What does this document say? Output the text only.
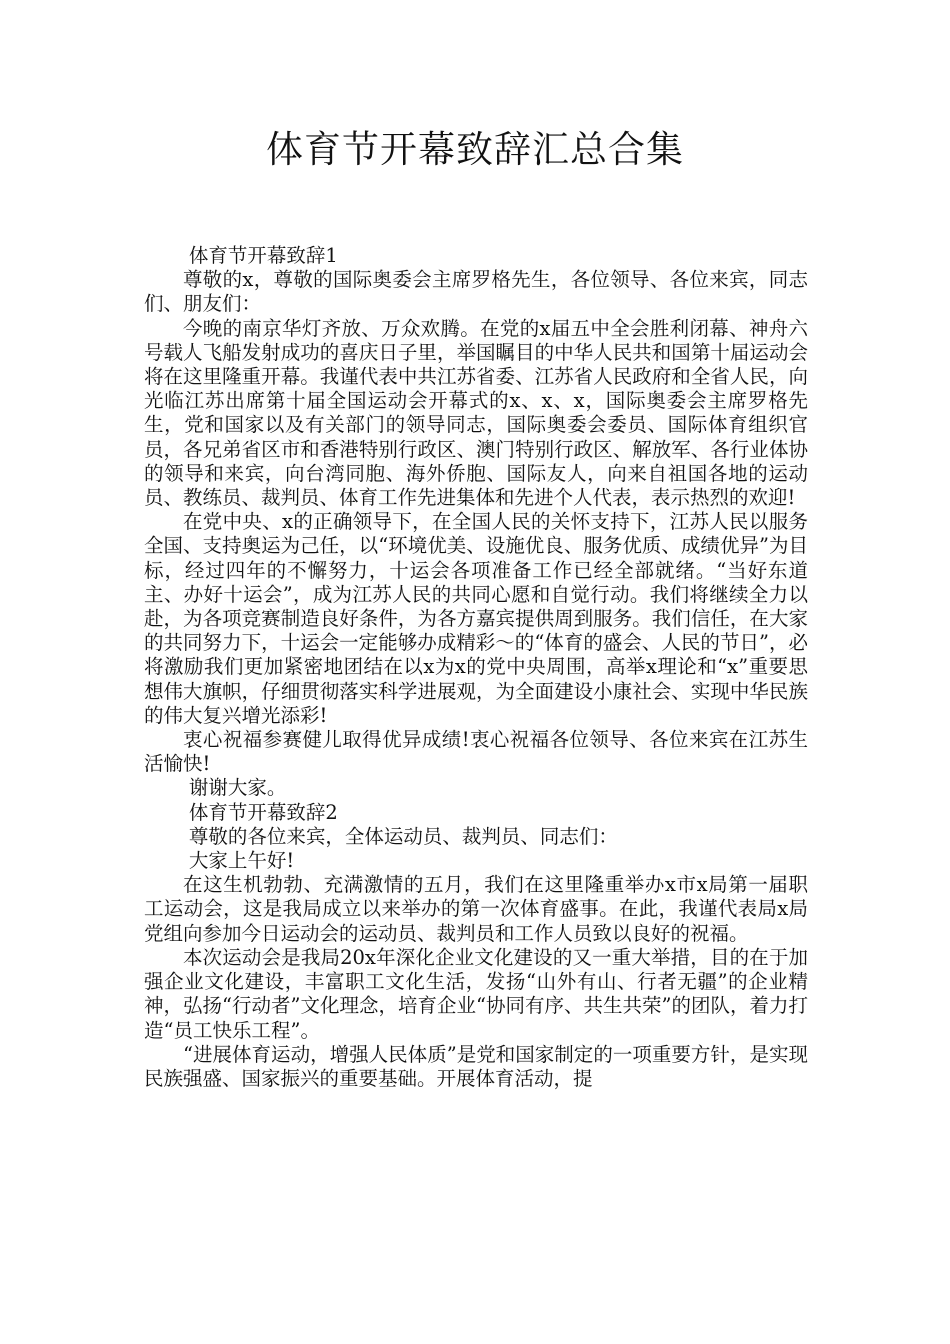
体育节开幕致辞汇总合集

体育节开幕致辞1

尊敬的x，尊敬的国际奥委会主席罗格先生，各位领导、各位来宾，同志们、朋友们：

今晚的南京华灯齐放、万众欢腾。在党的x届五中全会胜利闭幕、神舟六号载人飞船发射成功的喜庆日子里，举国瞩目的中华人民共和国第十届运动会将在这里隆重开幕。我谨代表中共江苏省委、江苏省人民政府和全省人民，向光临江苏出席第十届全国运动会开幕式的x、x、x，国际奥委会主席罗格先生，党和国家以及有关部门的领导同志，国际奥委会委员、国际体育组织官员，各兄弟省区市和香港特别行政区、澳门特别行政区、解放军、各行业体协的领导和来宾，向台湾同胞、海外侨胞、国际友人，向来自祖国各地的运动员、教练员、裁判员、体育工作先进集体和先进个人代表，表示热烈的欢迎!

在党中央、x的正确领导下，在全国人民的关怀支持下，江苏人民以服务全国、支持奥运为己任，以“环境优美、设施优良、服务优质、成绩优异”为目标，经过四年的不懈努力，十运会各项准备工作已经全部就绪。“当好东道主、办好十运会”，成为江苏人民的共同心愿和自觉行动。我们将继续全力以赴，为各项竞赛制造良好条件，为各方嘉宾提供周到服务。我们信任，在大家的共同努力下，十运会一定能够办成精彩～的“体育的盛会、人民的节日”，必将激励我们更加紧密地团结在以x为x的党中央周围，高举x理论和“x”重要思想伟大旗帜，仔细贯彻落实科学进展观，为全面建设小康社会、实现中华民族的伟大复兴增光添彩!

衷心祝福参赛健儿取得优异成绩!衷心祝福各位领导、各位来宾在江苏生活愉快!

谢谢大家。

体育节开幕致辞2

尊敬的各位来宾，全体运动员、裁判员、同志们：

大家上午好!

在这生机勃勃、充满激情的五月，我们在这里隆重举办x市x局第一届职工运动会，这是我局成立以来举办的第一次体育盛事。在此，我谨代表局x局党组向参加今日运动会的运动员、裁判员和工作人员致以良好的祝福。

本次运动会是我局20x年深化企业文化建设的又一重大举措，目的在于加强企业文化建设，丰富职工文化生活，发扬“山外有山、行者无疆”的企业精神，弘扬“行动者”文化理念，培育企业“协同有序、共生共荣”的团队，着力打造“员工快乐工程”。

“进展体育运动，增强人民体质”是党和国家制定的一项重要方针，是实现民族强盛、国家振兴的重要基础。开展体育活动，提
